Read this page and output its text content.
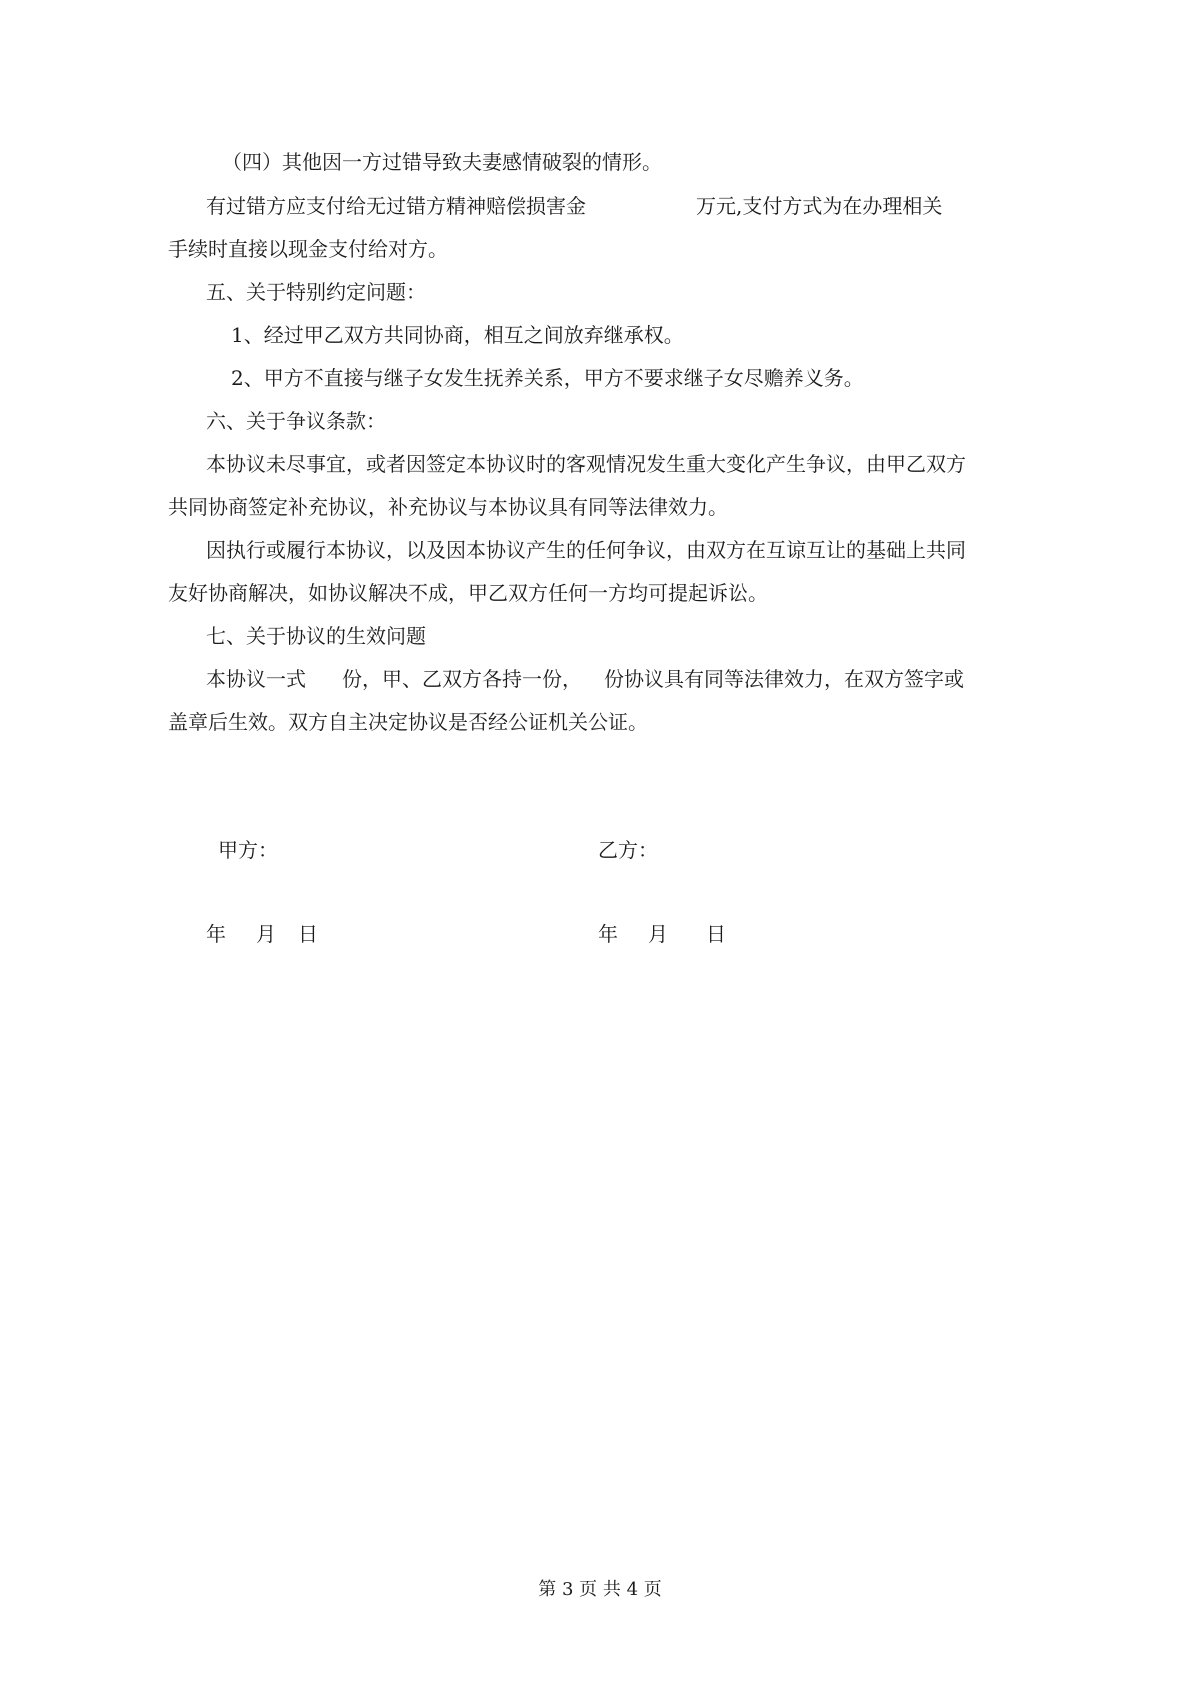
（四）其他因一方过错导致夫妻感情破裂的情形。
有过错方应支付给无过错方精神赔偿损害金	万元,支付方式为在办理相关
手续时直接以现金支付给对方。
五、关于特别约定问题：
1、经过甲乙双方共同协商，相互之间放弃继承权。
2、甲方不直接与继子女发生抚养关系，甲方不要求继子女尽赡养义务。
六、关于争议条款：
本协议未尽事宜，或者因签定本协议时的客观情况发生重大变化产生争议，由甲乙双方
共同协商签定补充协议，补充协议与本协议具有同等法律效力。
因执行或履行本协议，以及因本协议产生的任何争议，由双方在互谅互让的基础上共同
友好协商解决，如协议解决不成，甲乙双方任何一方均可提起诉讼。
七、关于协议的生效问题
本协议一式 份，甲、乙双方各持一份， 份协议具有同等法律效力，在双方签字或
盖章后生效。双方自主决定协议是否经公证机关公证。
甲方：	乙方：
年 月 日	年 月 日
第 3 页 共 4 页
